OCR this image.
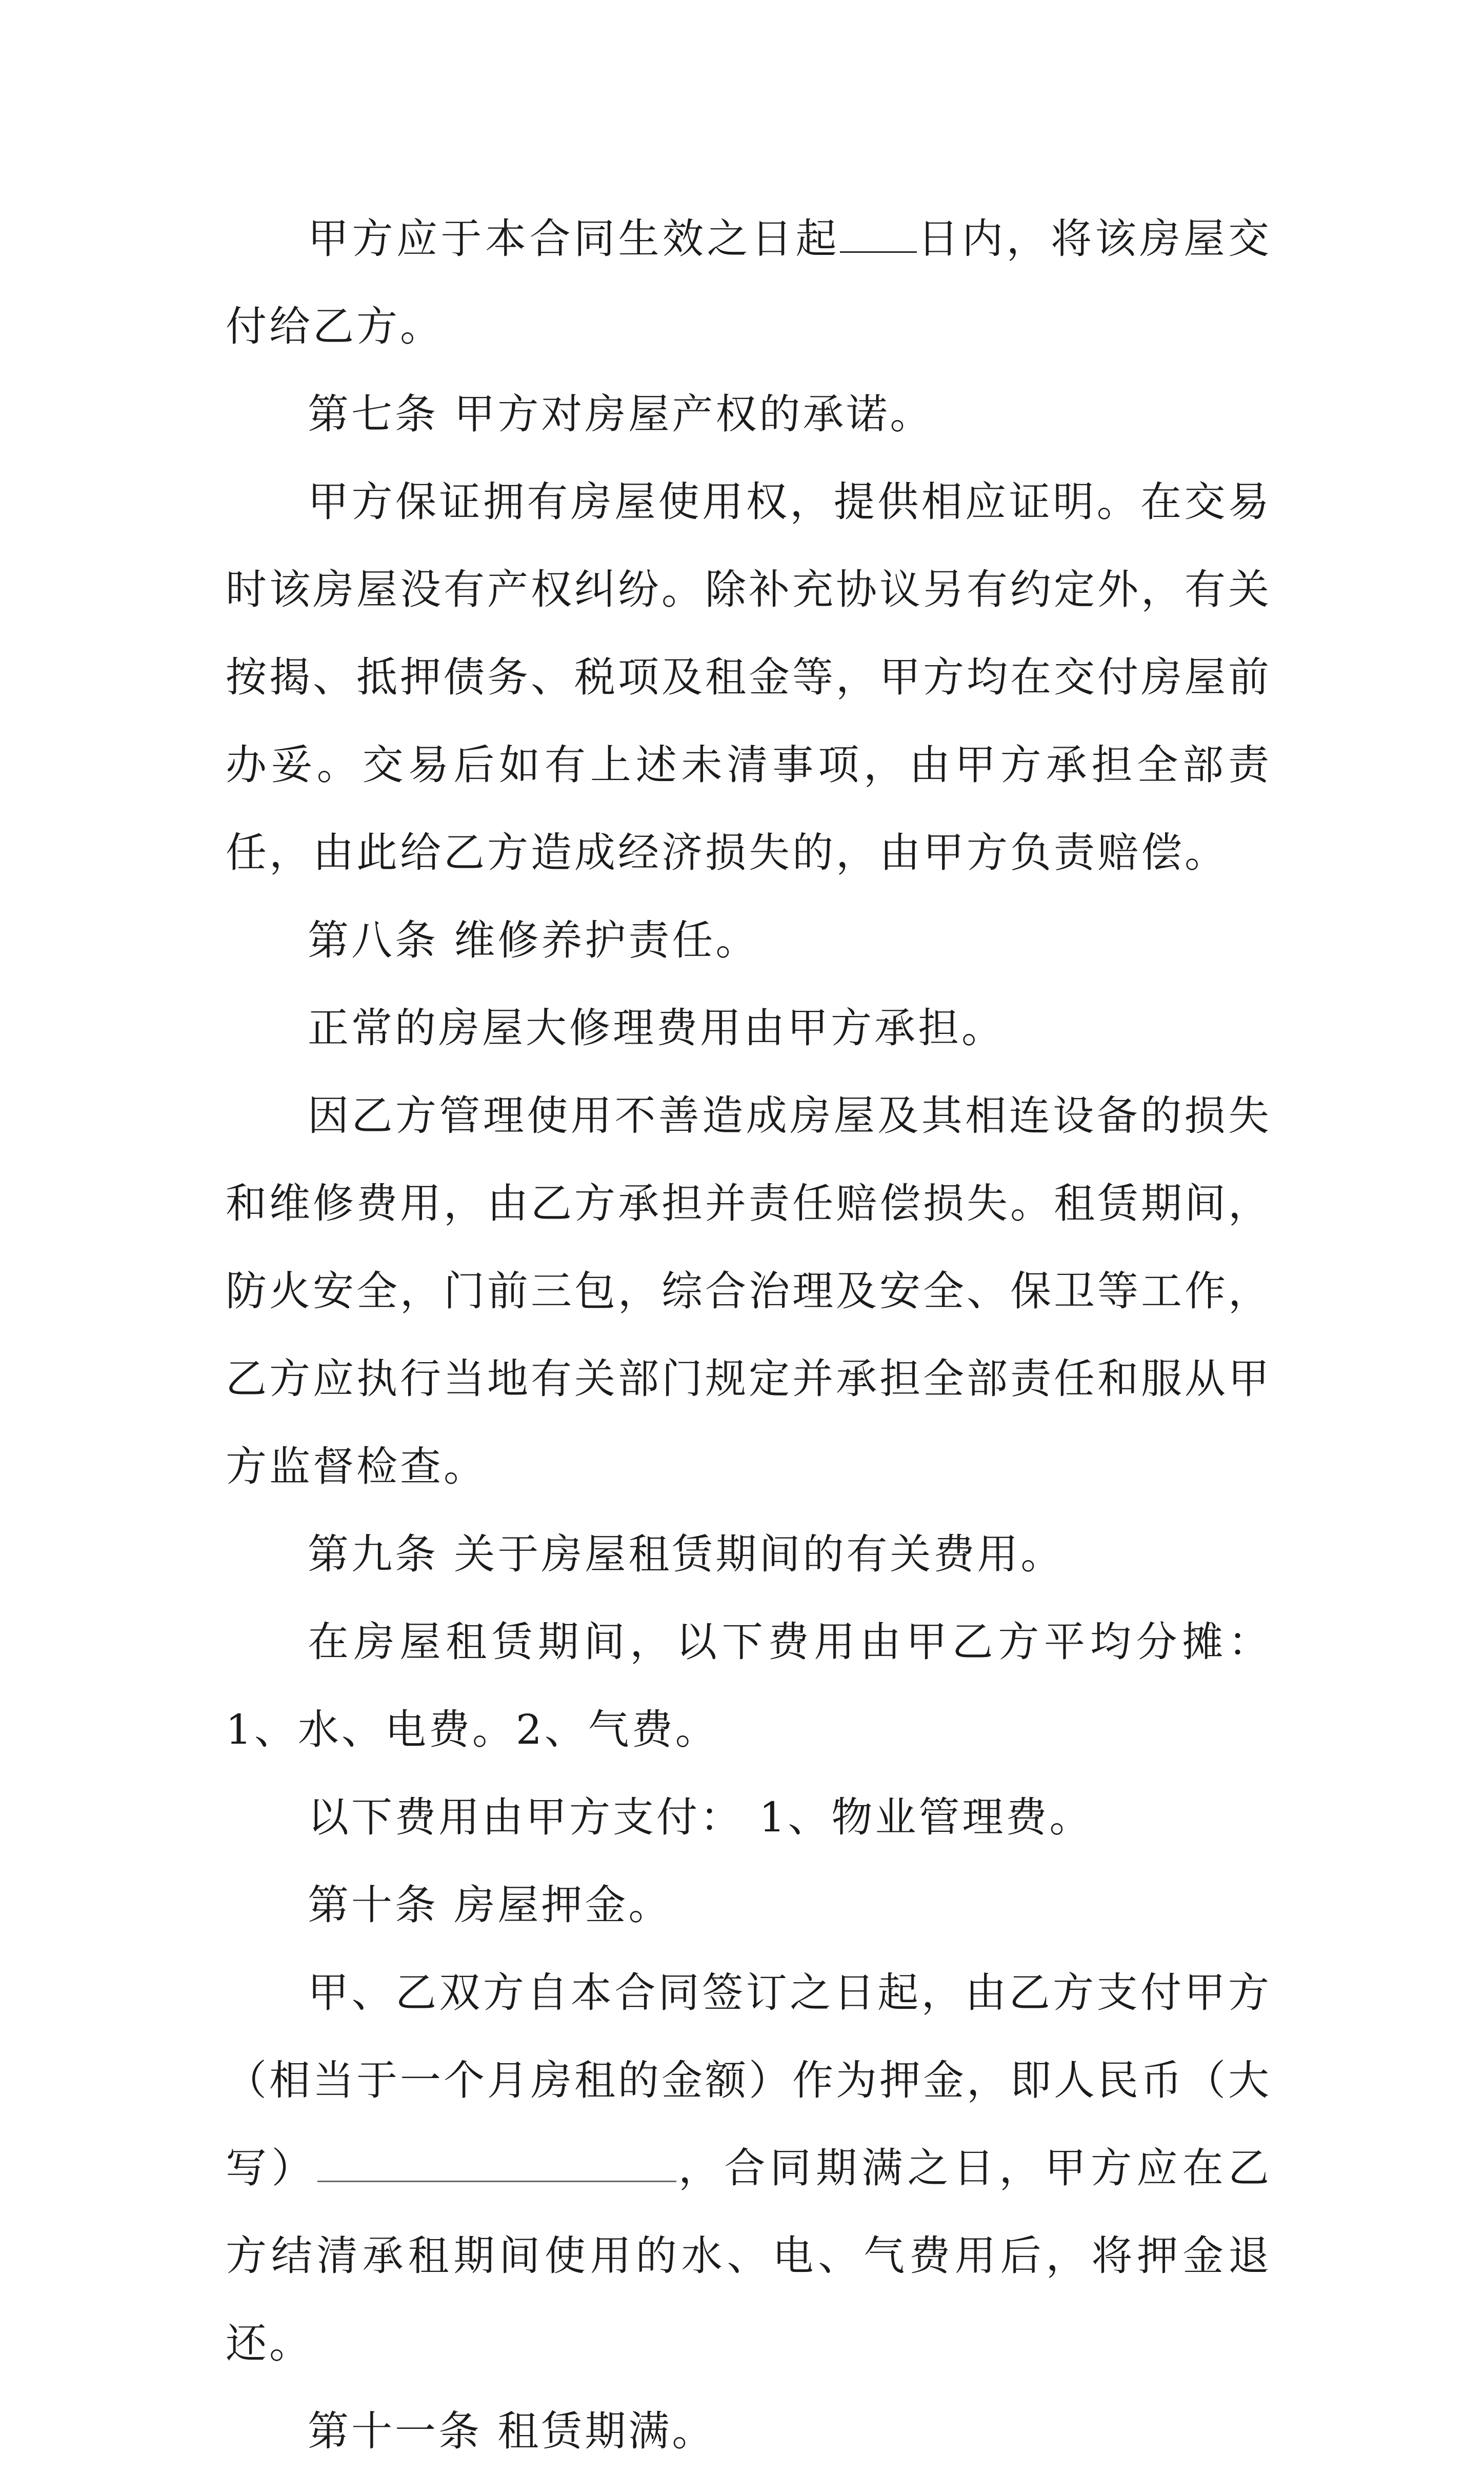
甲方应于本合同生效之日起 日内，将该房屋交付给乙方。

第七条 甲方对房屋产权的承诺。

甲方保证拥有房屋使用权，提供相应证明。在交易时该房屋没有产权纠纷。除补充协议另有约定外，有关按揭、抵押债务、税项及租金等，甲方均在交付房屋前办妥。交易后如有上述未清事项，由甲方承担全部责任，由此给乙方造成经济损失的，由甲方负责赔偿。

第八条 维修养护责任。

正常的房屋大修理费用由甲方承担。

因乙方管理使用不善造成房屋及其相连设备的损失和维修费用，由乙方承担并责任赔偿损失。租赁期间，防火安全，门前三包，综合治理及安全、保卫等工作，乙方应执行当地有关部门规定并承担全部责任和服从甲方监督检查。

第九条 关于房屋租赁期间的有关费用。

在房屋租赁期间，以下费用由甲乙方平均分摊：1、水、电费。2、气费。

以下费用由甲方支付： 1、物业管理费。

第十条 房屋押金。

甲、乙双方自本合同签订之日起，由乙方支付甲方（相当于一个月房租的金额）作为押金，即人民币（大写）	，合同期满之日，甲方应在乙方结清承租期间使用的水、电、气费用后，将押金退还。

第十一条 租赁期满。
